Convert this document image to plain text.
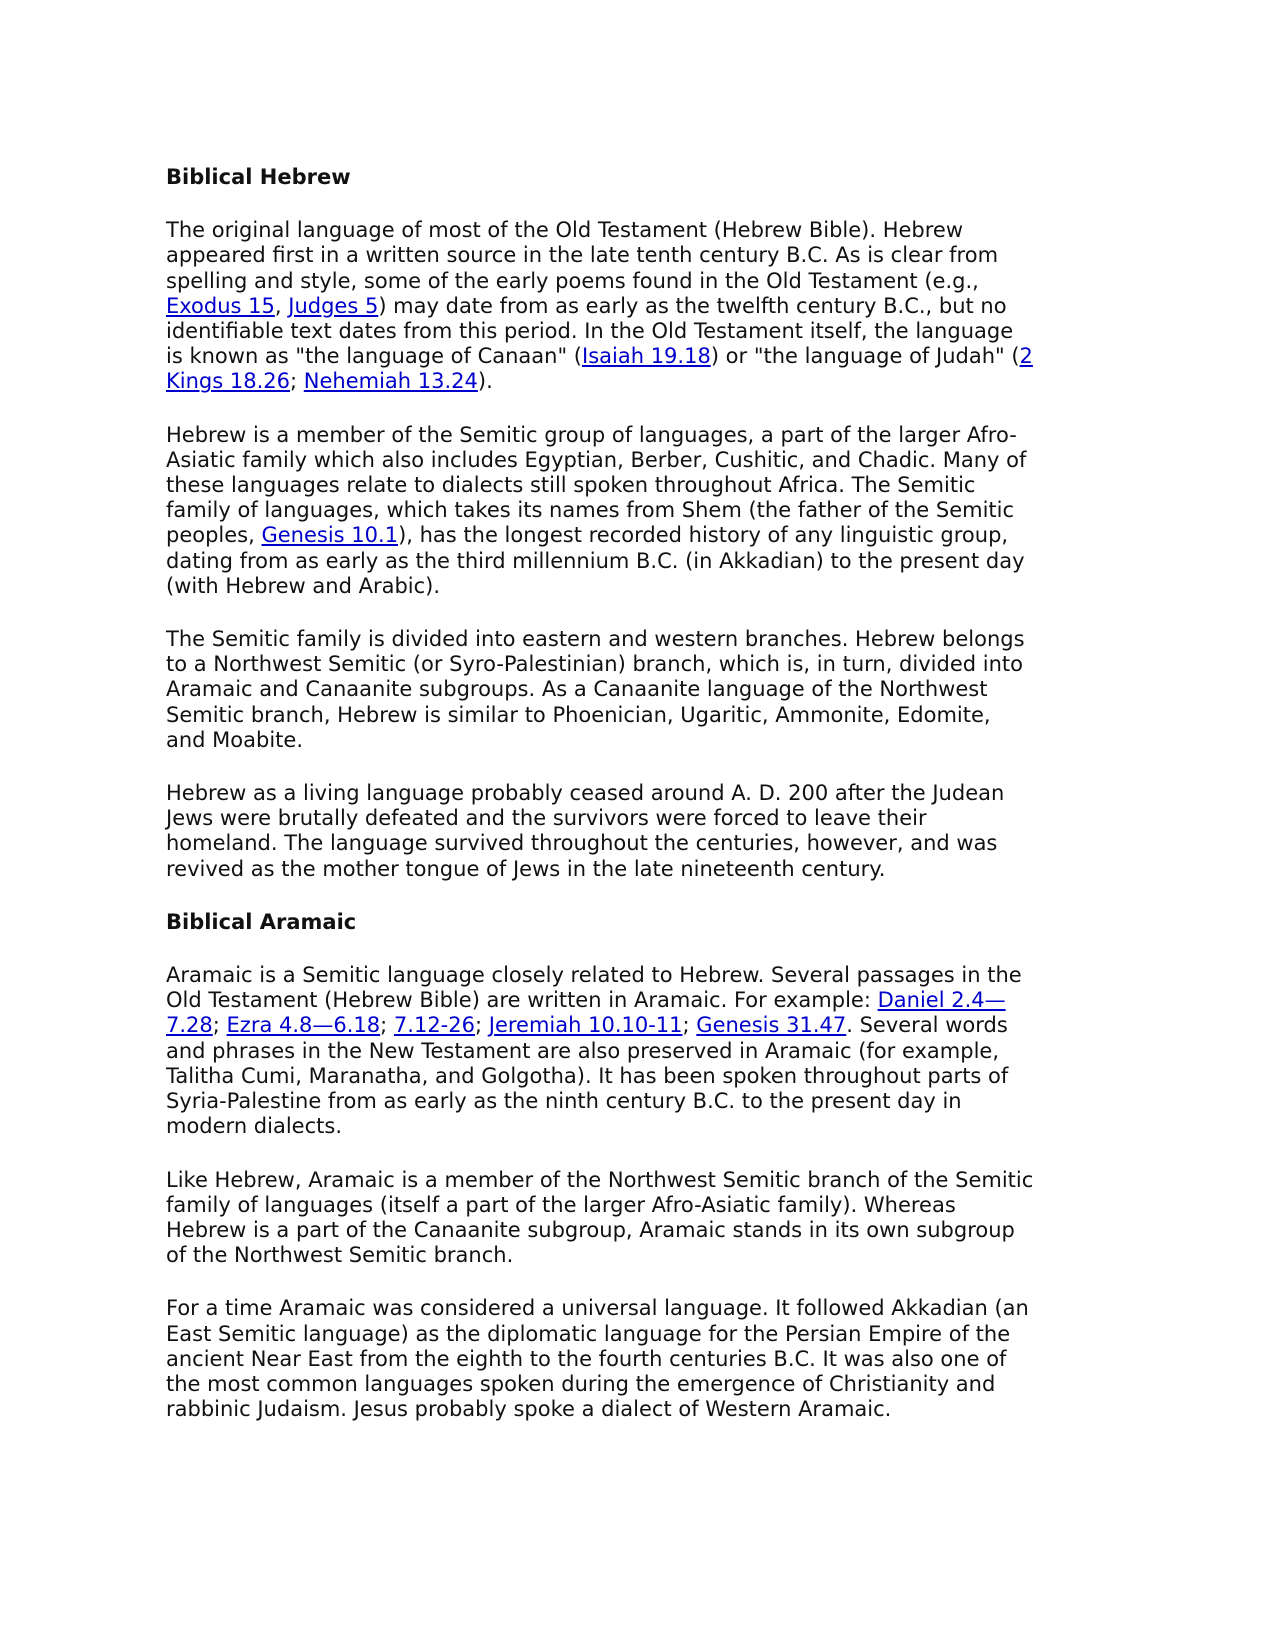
Biblical Hebrew
The original language of most of the Old Testament (Hebrew Bible). Hebrew appeared first in a written source in the late tenth century B.C. As is clear from spelling and style, some of the early poems found in the Old Testament (e.g., Exodus 15, Judges 5) may date from as early as the twelfth century B.C., but no identifiable text dates from this period. In the Old Testament itself, the language is known as "the language of Canaan" (Isaiah 19.18) or "the language of Judah" (2 Kings 18.26; Nehemiah 13.24).
Hebrew is a member of the Semitic group of languages, a part of the larger Afro-Asiatic family which also includes Egyptian, Berber, Cushitic, and Chadic. Many of these languages relate to dialects still spoken throughout Africa. The Semitic family of languages, which takes its names from Shem (the father of the Semitic peoples, Genesis 10.1), has the longest recorded history of any linguistic group, dating from as early as the third millennium B.C. (in Akkadian) to the present day (with Hebrew and Arabic).
The Semitic family is divided into eastern and western branches. Hebrew belongs to a Northwest Semitic (or Syro-Palestinian) branch, which is, in turn, divided into Aramaic and Canaanite subgroups. As a Canaanite language of the Northwest Semitic branch, Hebrew is similar to Phoenician, Ugaritic, Ammonite, Edomite, and Moabite.
Hebrew as a living language probably ceased around A. D. 200 after the Judean Jews were brutally defeated and the survivors were forced to leave their homeland. The language survived throughout the centuries, however, and was revived as the mother tongue of Jews in the late nineteenth century.
Biblical Aramaic
Aramaic is a Semitic language closely related to Hebrew. Several passages in the Old Testament (Hebrew Bible) are written in Aramaic. For example: Daniel 2.4—7.28; Ezra 4.8—6.18; 7.12-26; Jeremiah 10.10-11; Genesis 31.47. Several words and phrases in the New Testament are also preserved in Aramaic (for example, Talitha Cumi, Maranatha, and Golgotha). It has been spoken throughout parts of Syria-Palestine from as early as the ninth century B.C. to the present day in modern dialects.
Like Hebrew, Aramaic is a member of the Northwest Semitic branch of the Semitic family of languages (itself a part of the larger Afro-Asiatic family). Whereas Hebrew is a part of the Canaanite subgroup, Aramaic stands in its own subgroup of the Northwest Semitic branch.
For a time Aramaic was considered a universal language. It followed Akkadian (an East Semitic language) as the diplomatic language for the Persian Empire of the ancient Near East from the eighth to the fourth centuries B.C. It was also one of the most common languages spoken during the emergence of Christianity and rabbinic Judaism. Jesus probably spoke a dialect of Western Aramaic.
